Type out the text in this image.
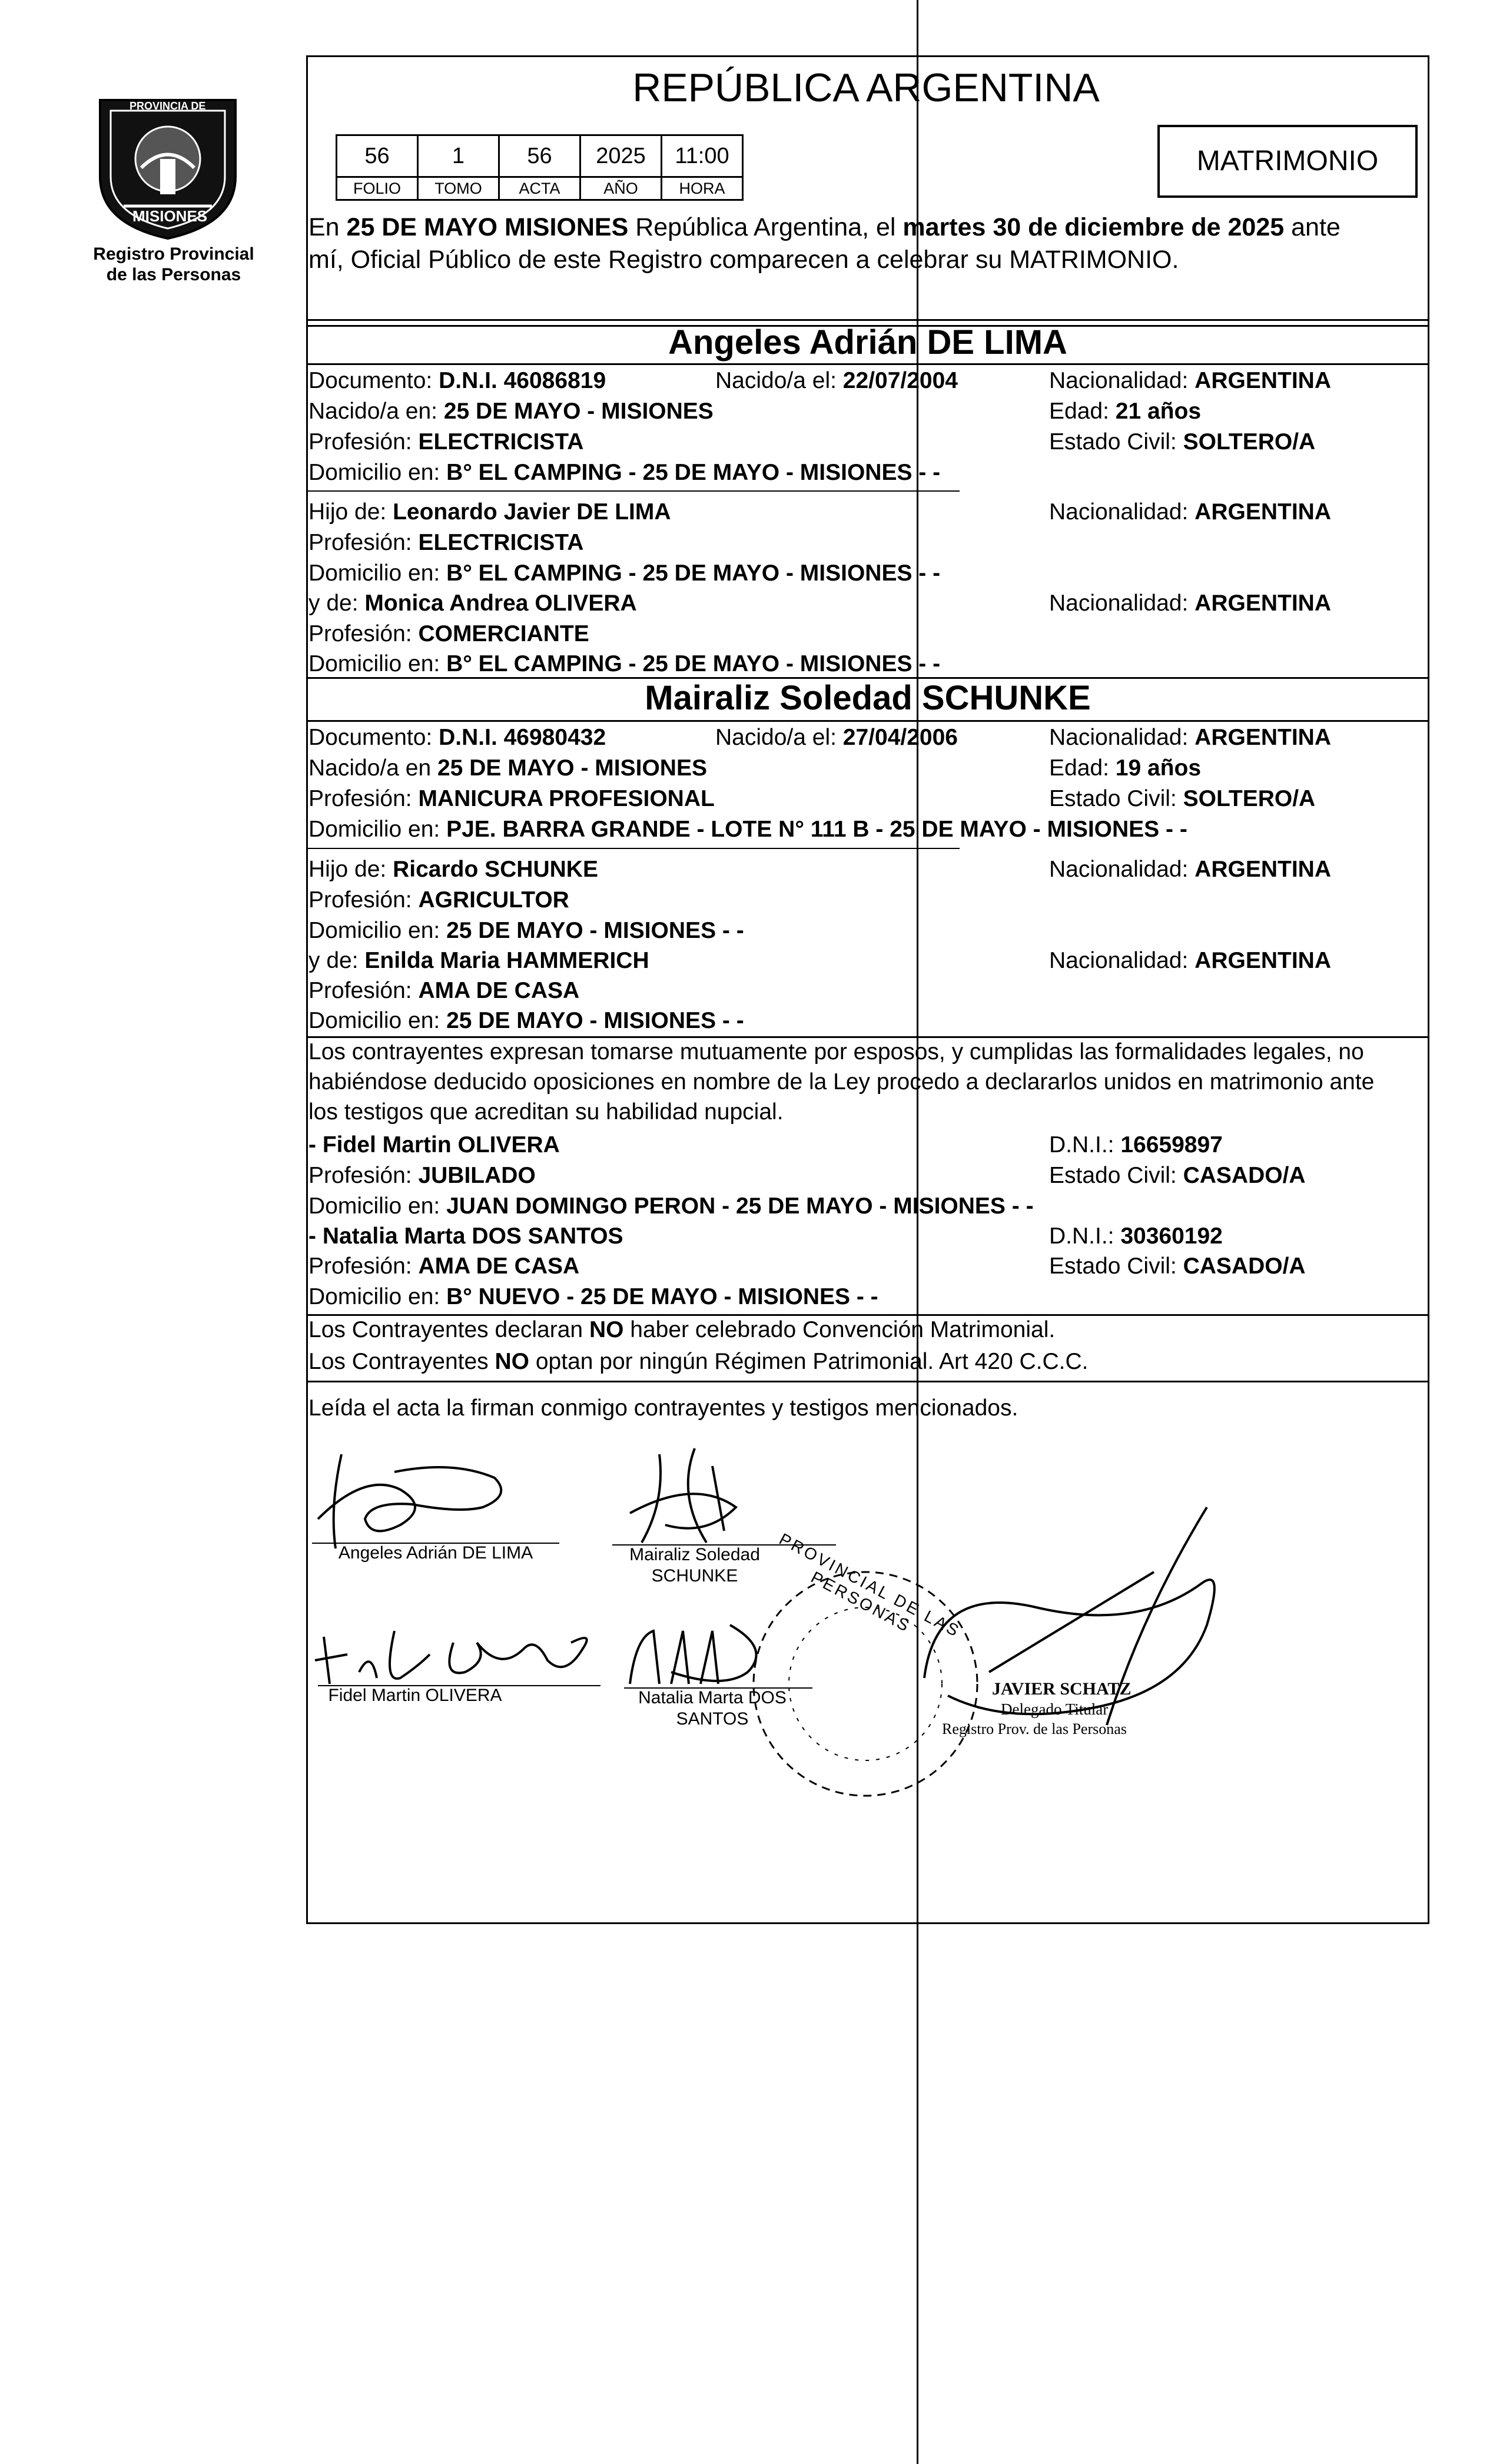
PROVINCIA DE
MISIONES
Registro Provincial
de las Personas
REPÚBLICA ARGENTINA
56	1	56	2025	11:00
FOLIO	TOMO	ACTA	AÑO	HORA
MATRIMONIO
En 25 DE MAYO MISIONES República Argentina, el martes 30 de diciembre de 2025 ante
mí, Oficial Público de este Registro comparecen a celebrar su MATRIMONIO.
Angeles Adrián DE LIMA
Documento: D.N.I. 46086819	Nacido/a el: 22/07/2004	Nacionalidad: ARGENTINA
Nacido/a en: 25 DE MAYO - MISIONES	Edad: 21 años
Profesión: ELECTRICISTA	Estado Civil: SOLTERO/A
Domicilio en: B° EL CAMPING - 25 DE MAYO - MISIONES - -
Hijo de: Leonardo Javier DE LIMA	Nacionalidad: ARGENTINA
Profesión: ELECTRICISTA
Domicilio en: B° EL CAMPING - 25 DE MAYO - MISIONES - -
y de: Monica Andrea OLIVERA	Nacionalidad: ARGENTINA
Profesión: COMERCIANTE
Domicilio en: B° EL CAMPING - 25 DE MAYO - MISIONES - -
Mairaliz Soledad SCHUNKE
Documento: D.N.I. 46980432	Nacido/a el: 27/04/2006	Nacionalidad: ARGENTINA
Nacido/a en 25 DE MAYO - MISIONES	Edad: 19 años
Profesión: MANICURA PROFESIONAL	Estado Civil: SOLTERO/A
Domicilio en: PJE. BARRA GRANDE - LOTE N° 111 B - 25 DE MAYO - MISIONES - -
Hijo de: Ricardo SCHUNKE	Nacionalidad: ARGENTINA
Profesión: AGRICULTOR
Domicilio en: 25 DE MAYO - MISIONES - -
y de: Enilda Maria HAMMERICH	Nacionalidad: ARGENTINA
Profesión: AMA DE CASA
Domicilio en: 25 DE MAYO - MISIONES - -
Los contrayentes expresan tomarse mutuamente por esposos, y cumplidas las formalidades legales, no
habiéndose deducido oposiciones en nombre de la Ley procedo a declararlos unidos en matrimonio ante
los testigos que acreditan su habilidad nupcial.
- Fidel Martin OLIVERA	D.N.I.: 16659897
Profesión: JUBILADO	Estado Civil: CASADO/A
Domicilio en: JUAN DOMINGO PERON - 25 DE MAYO - MISIONES - -
- Natalia Marta DOS SANTOS	D.N.I.: 30360192
Profesión: AMA DE CASA	Estado Civil: CASADO/A
Domicilio en: B° NUEVO - 25 DE MAYO - MISIONES - -
Los Contrayentes declaran NO haber celebrado Convención Matrimonial.
Los Contrayentes NO optan por ningún Régimen Patrimonial. Art 420 C.C.C.
Leída el acta la firman conmigo contrayentes y testigos mencionados.
Angeles Adrián DE LIMA	Mairaliz Soledad
SCHUNKE
Fidel Martin OLIVERA	Natalia Marta DOS
SANTOS
PROVINCIAL DE LAS PERSONAS
JAVIER SCHATZ
Delegado Titular
Registro Prov. de las Personas
